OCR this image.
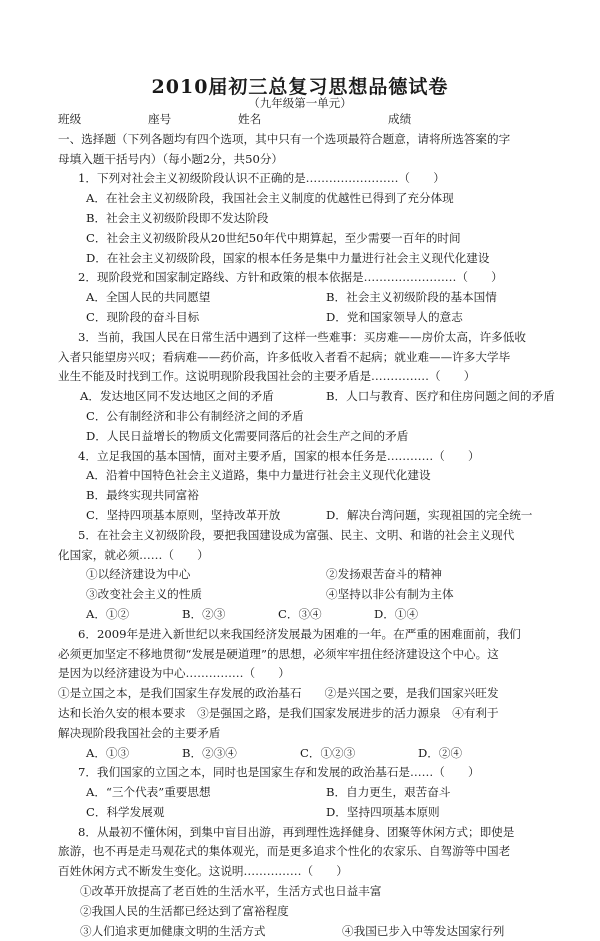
2010届初三总复习思想品德试卷
（九年级第一单元）
班级	座号	姓名	成绩
一、选择题（下列各题均有四个选项，其中只有一个选项最符合题意，请将所选答案的字
母填入题干括号内）（每小题2分，共50分）
1．下列对社会主义初级阶段认识不正确的是……………………（　　）
A．在社会主义初级阶段，我国社会主义制度的优越性已得到了充分体现
B．社会主义初级阶段即不发达阶段
C．社会主义初级阶段从20世纪50年代中期算起，至少需要一百年的时间
D．在社会主义初级阶段，国家的根本任务是集中力量进行社会主义现代化建设
2．现阶段党和国家制定路线、方针和政策的根本依据是……………………（　　）
A．全国人民的共同愿望	B．社会主义初级阶段的基本国情
C．现阶段的奋斗目标	D．党和国家领导人的意志
3．当前，我国人民在日常生活中遇到了这样一些难事：买房难——房价太高，许多低收
入者只能望房兴叹；看病难——药价高，许多低收入者看不起病；就业难——许多大学毕
业生不能及时找到工作。这说明现阶段我国社会的主要矛盾是……………（　　）
A．发达地区同不发达地区之间的矛盾	B．人口与教育、医疗和住房问题之间的矛盾
C．公有制经济和非公有制经济之间的矛盾
D．人民日益增长的物质文化需要同落后的社会生产之间的矛盾
4．立足我国的基本国情，面对主要矛盾，国家的根本任务是…………（　　）
A．沿着中国特色社会主义道路，集中力量进行社会主义现代化建设
B．最终实现共同富裕
C．坚持四项基本原则，坚持改革开放	D．解决台湾问题，实现祖国的完全统一
5．在社会主义初级阶段，要把我国建设成为富强、民主、文明、和谐的社会主义现代
化国家，就必须……（　　）
①以经济建设为中心	②发扬艰苦奋斗的精神
③改变社会主义的性质	④坚持以非公有制为主体
A．①②	B．②③	C．③④	D．①④
6．2009年是进入新世纪以来我国经济发展最为困难的一年。在严重的困难面前，我们
必须更加坚定不移地贯彻“发展是硬道理”的思想，必须牢牢扭住经济建设这个中心。这
是因为以经济建设为中心……………（　　）
①是立国之本，是我们国家生存发展的政治基石　　②是兴国之要，是我们国家兴旺发
达和长治久安的根本要求　③是强国之路，是我们国家发展进步的活力源泉　④有利于
解决现阶段我国社会的主要矛盾
A．①③	B．②③④	C．①②③	D．②④
7．我们国家的立国之本，同时也是国家生存和发展的政治基石是……（　　）
A．“三个代表”重要思想	B．自力更生，艰苦奋斗
C．科学发展观	D．坚持四项基本原则
8．从最初不懂休闲，到集中盲目出游，再到理性选择健身、团聚等休闲方式；即使是
旅游，也不再是走马观花式的集体观光，而是更多追求个性化的农家乐、自驾游等中国老
百姓休闲方式不断发生变化。这说明……………（　　）
①改革开放提高了老百姓的生活水平，生活方式也日益丰富
②我国人民的生活都已经达到了富裕程度
③人们追求更加健康文明的生活方式	④我国已步入中等发达国家行列
